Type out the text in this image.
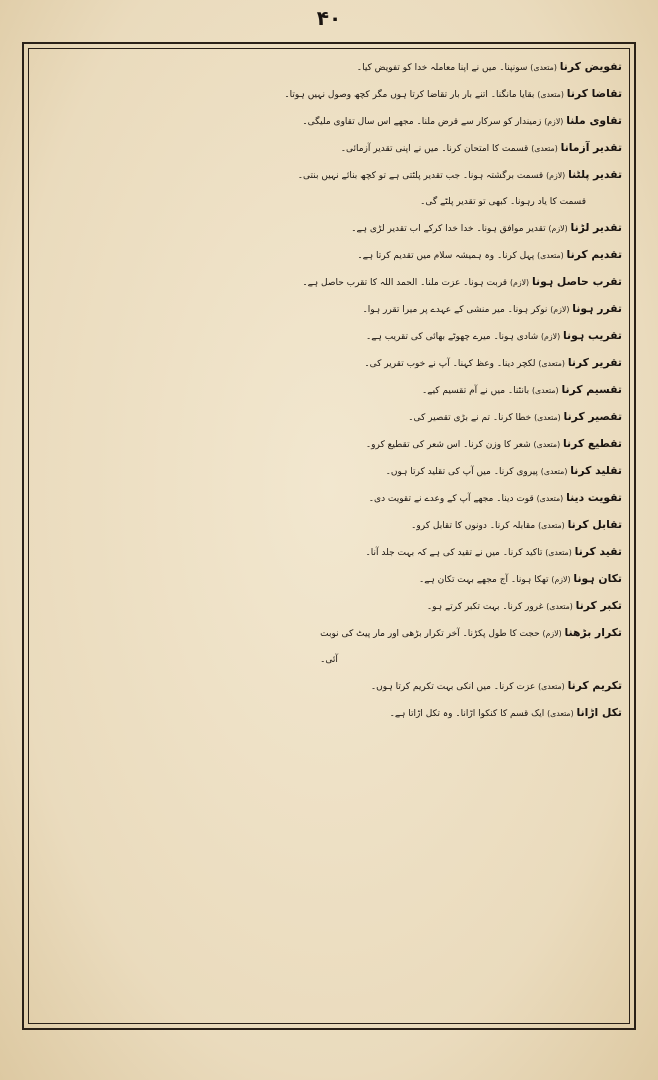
۴۰

تفویض کرنا (متعدی) سونپنا۔ میں نے اپنا معاملہ خدا کو تفویض کیا۔

تقاضا کرنا (متعدی) بقایا مانگنا۔ اتنے بار بار تقاضا کرتا ہوں مگر کچھ وصول نہیں ہوتا۔

تقاوی ملنا (لازم) زمیندار کو سرکار سے قرض ملنا۔ مجھے اس سال تقاوی ملیگی۔

تقدیر آزمانا (متعدی) قسمت کا امتحان کرنا۔ میں نے اپنی تقدیر آزمائی۔

تقدیر پلٹنا (لازم) قسمت برگشتہ ہونا۔ جب تقدیر پلٹتی ہے تو کچھ بنائے نہیں بنتی۔

قسمت کا یاد رہونا۔ کبھی تو تقدیر پلٹے گی۔

تقدیر لڑنا (لازم) تقدیر موافق ہونا۔ خدا خدا کرکے اب تقدیر لڑی ہے۔

تقدیم کرنا (متعدی) پہل کرنا۔ وہ ہمیشہ سلام میں تقدیم کرتا ہے۔

تقرب حاصل ہونا (لازم) قربت ہونا۔ عزت ملنا۔ الحمد اللہ کا تقرب حاصل ہے۔

تقرر ہونا (لازم) نوکر ہونا۔ میر منشی کے عہدے پر میرا تقرر ہوا۔

تقریب ہونا (لازم) شادی ہونا۔ میرے چھوٹے بھائی کی تقریب ہے۔

تقریر کرنا (متعدی) لکچر دینا۔ وعظ کہنا۔ آپ نے خوب تقریر کی۔

تقسیم کرنا (متعدی) بانٹنا۔ میں نے آم تقسیم کیے۔

تقصیر کرنا (متعدی) خطا کرنا۔ تم نے بڑی تقصیر کی۔

تقطیع کرنا (متعدی) شعر کا وزن کرنا۔ اس شعر کی تقطیع کرو۔

تقلید کرنا (متعدی) پیروی کرنا۔ میں آپ کی تقلید کرتا ہوں۔

تقویت دینا (متعدی) قوت دینا۔ مجھے آپ کے وعدے نے تقویت دی۔

تقابل کرنا (متعدی) مقابلہ کرنا۔ دونوں کا تقابل کرو۔

تقید کرنا (متعدی) تاکید کرنا۔ میں نے تقید کی ہے کہ بہت جلد آنا۔

تکان ہونا (لازم) تھکا ہونا۔ آج مجھے بہت تکان ہے۔

تکبر کرنا (متعدی) غرور کرنا۔ بہت تکبر کرتے ہو۔

تکرار بڑھنا (لازم) حجت کا طول پکڑنا۔ آخر تکرار بڑھی اور مار پیٹ کی نوبت

آئی۔

تکریم کرنا (متعدی) عزت کرنا۔ میں انکی بہت تکریم کرتا ہوں۔

تکل اڑانا (متعدی) ایک قسم کا کنکوا اڑانا۔ وہ تکل اڑاتا ہے۔
